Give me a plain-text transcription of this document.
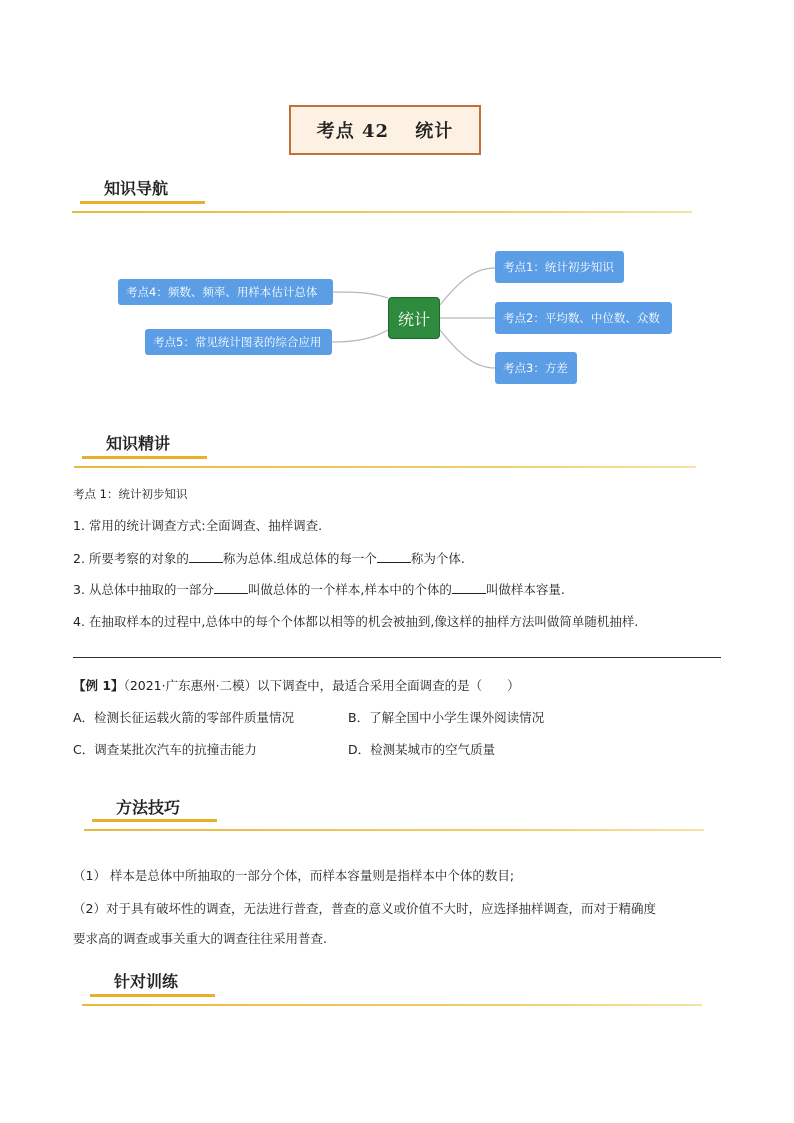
考点 42　 统计
知识导航
考点4：频数、频率、用样本估计总体
考点5：常见统计图表的综合应用
统计
考点1：统计初步知识
考点2：平均数、中位数、众数
考点3：方差
知识精讲
考点 1：统计初步知识
1. 常用的统计调查方式:全面调查、抽样调查.
2. 所要考察的对象的	称为总体.组成总体的每一个	称为个体.
3. 从总体中抽取的一部分	叫做总体的一个样本,样本中的个体的	叫做样本容量.
4. 在抽取样本的过程中,总体中的每个个体都以相等的机会被抽到,像这样的抽样方法叫做简单随机抽样.
【例 1】（2021·广东惠州·二模）以下调查中，最适合采用全面调查的是（　　）
A．检测长征运载火箭的零部件质量情况	B．了解全国中小学生课外阅读情况
C．调查某批次汽车的抗撞击能力	D．检测某城市的空气质量
方法技巧
（1） 样本是总体中所抽取的一部分个体，而样本容量则是指样本中个体的数目;
（2）对于具有破坏性的调查，无法进行普查，普查的意义或价值不大时，应选择抽样调查，而对于精确度
要求高的调查或事关重大的调查往往采用普查.
针对训练
